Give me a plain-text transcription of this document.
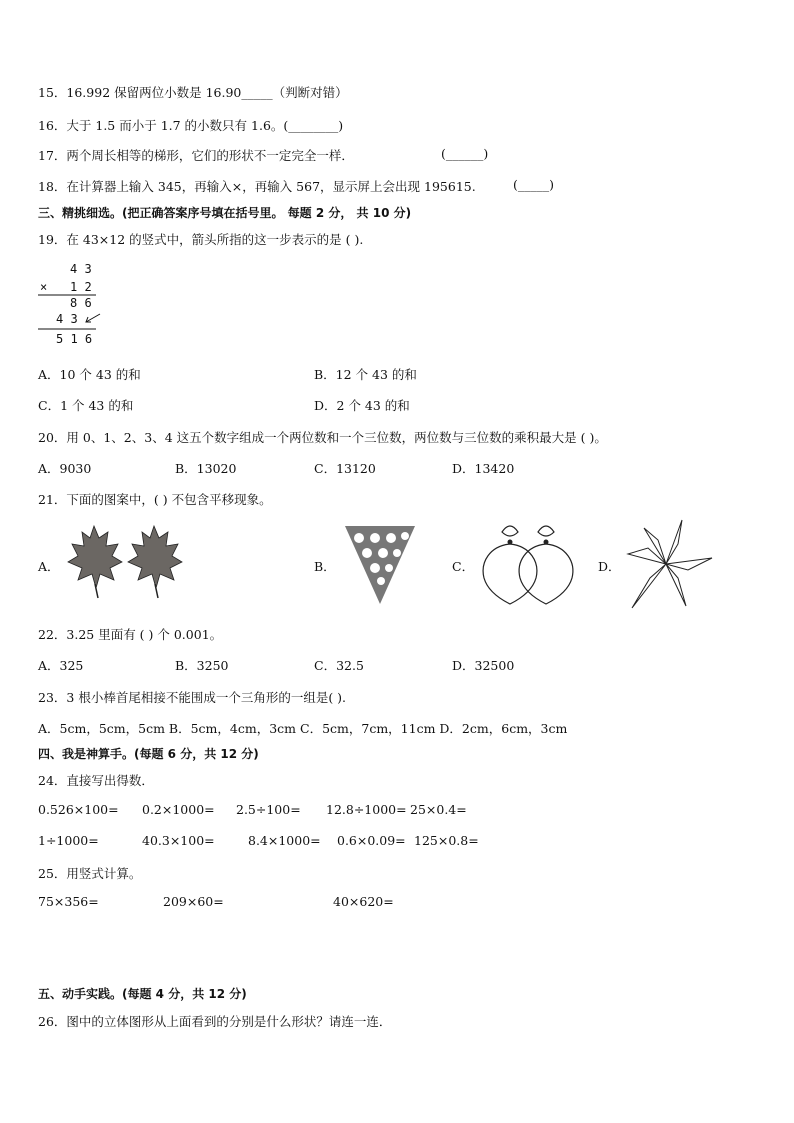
15．16.992 保留两位小数是 16.90_____（判断对错）
16．大于 1.5 而小于 1.7 的小数只有 1.6。(________)
17．两个周长相等的梯形，它们的形状不一定完全一样．	(______)
18．在计算器上输入 345，再输入×，再输入 567，显示屏上会出现 195615.	(_____)
三、精挑细选。(把正确答案序号填在括号里。 每题 2 分， 共 10 分)
19．在 43×12 的竖式中，箭头所指的这一步表示的是 ( ).
4 3
× 1 2
8 6
4 3
5 1 6
A．10 个 43 的和	B．12 个 43 的和
C．1 个 43 的和	D．2 个 43 的和
20．用 0、1、2、3、4 这五个数字组成一个两位数和一个三位数，两位数与三位数的乘积最大是 ( )。
A．9030	B．13020	C．13120	D．13420
21．下面的图案中，( ) 不包含平移现象。
A．	B．	C．	D．
22．3.25 里面有 ( ) 个 0.001。
A．325	B．3250	C．32.5	D．32500
23．3 根小棒首尾相接不能围成一个三角形的一组是( ).
A．5cm，5cm，5cm B．5cm，4cm，3cm C．5cm，7cm，11cm D．2cm，6cm，3cm
四、我是神算手。(每题 6 分，共 12 分)
24．直接写出得数．
0.526×100= 0.2×1000= 2.5÷100= 12.8÷1000= 25×0.4=
1÷1000=	40.3×100=	8.4×1000= 0.6×0.09= 125×0.8=
25．用竖式计算。
75×356=	209×60=	40×620=
五、动手实践。(每题 4 分，共 12 分)
26．图中的立体图形从上面看到的分别是什么形状？请连一连．
